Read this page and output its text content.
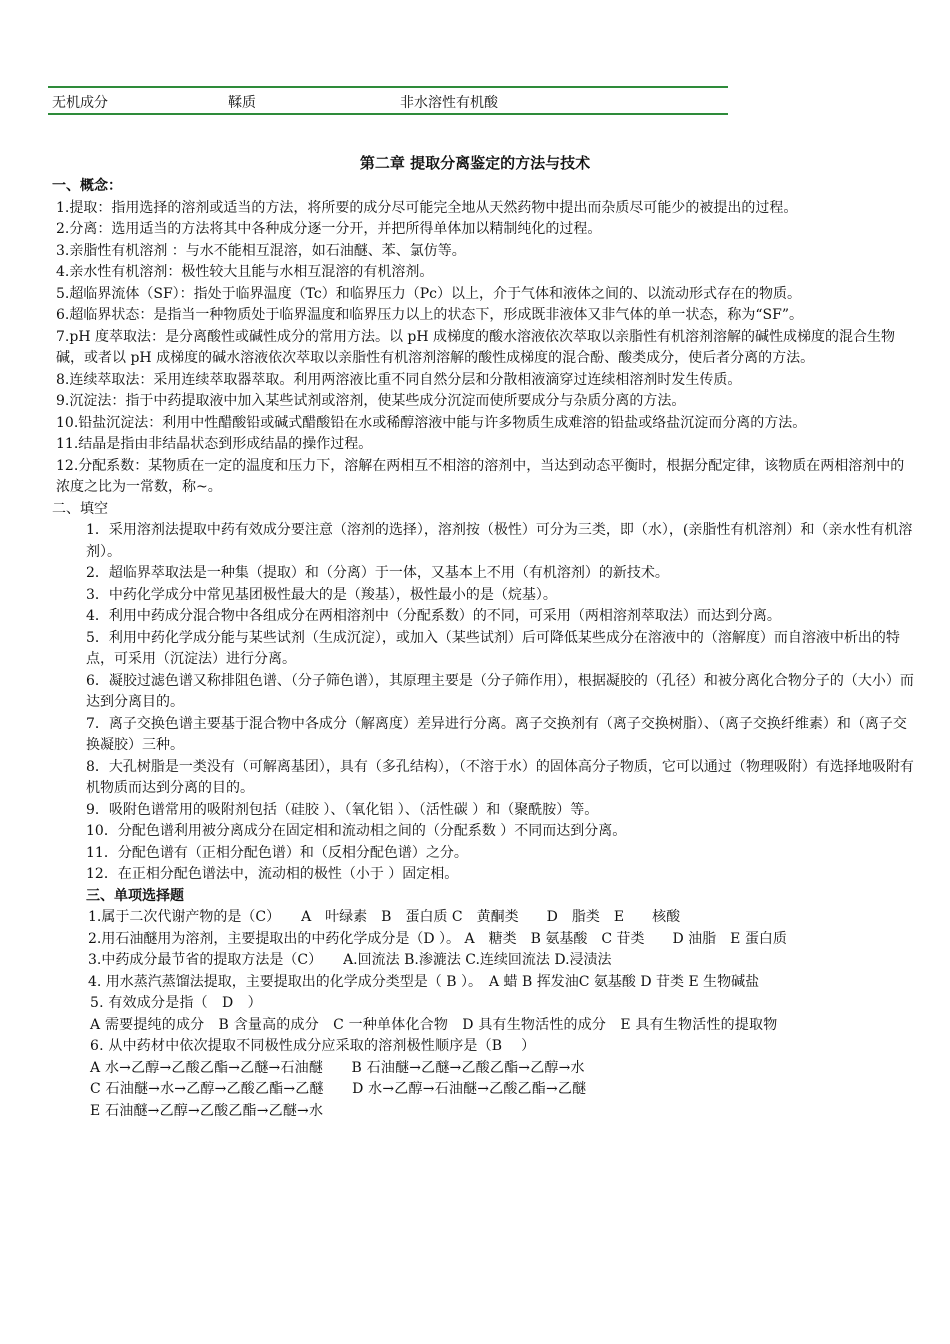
无机成分	鞣质	非水溶性有机酸
第二章 提取分离鉴定的方法与技术

一、概念：

1.提取：指用选择的溶剂或适当的方法，将所要的成分尽可能完全地从天然药物中提出而杂质尽可能少的被提出的过程。

2.分离：选用适当的方法将其中各种成分逐一分开，并把所得单体加以精制纯化的过程。

3.亲脂性有机溶剂 ：与水不能相互混溶，如石油醚、苯、氯仿等。

4.亲水性有机溶剂：极性较大且能与水相互混溶的有机溶剂。

5.超临界流体（SF）：指处于临界温度（Tc）和临界压力（Pc）以上，介于气体和液体之间的、以流动形式存在的物质。

6.超临界状态：是指当一种物质处于临界温度和临界压力以上的状态下，形成既非液体又非气体的单一状态，称为“SF”。

7.pH 度萃取法：是分离酸性或碱性成分的常用方法。以 pH 成梯度的酸水溶液依次萃取以亲脂性有机溶剂溶解的碱性成梯度的混合生物碱，或者以 pH 成梯度的碱水溶液依次萃取以亲脂性有机溶剂溶解的酸性成梯度的混合酚、酸类成分，使后者分离的方法。

8.连续萃取法：采用连续萃取器萃取。利用两溶液比重不同自然分层和分散相液滴穿过连续相溶剂时发生传质。

9.沉淀法：指于中药提取液中加入某些试剂或溶剂，使某些成分沉淀而使所要成分与杂质分离的方法。

10.铅盐沉淀法：利用中性醋酸铅或碱式醋酸铅在水或稀醇溶液中能与许多物质生成难溶的铅盐或络盐沉淀而分离的方法。

11.结晶是指由非结晶状态到形成结晶的操作过程。

12.分配系数：某物质在一定的温度和压力下，溶解在两相互不相溶的溶剂中，当达到动态平衡时，根据分配定律，该物质在两相溶剂中的浓度之比为一常数，称~。

二、填空

1．采用溶剂法提取中药有效成分要注意（溶剂的选择），溶剂按（极性）可分为三类，即（水），(亲脂性有机溶剂）和（亲水性有机溶剂）。

2．超临界萃取法是一种集（提取）和（分离）于一体，又基本上不用（有机溶剂）的新技术。

3．中药化学成分中常见基团极性最大的是（羧基），极性最小的是（烷基）。

4．利用中药成分混合物中各组成分在两相溶剂中（分配系数）的不同，可采用（两相溶剂萃取法）而达到分离。

5．利用中药化学成分能与某些试剂（生成沉淀），或加入（某些试剂）后可降低某些成分在溶液中的（溶解度）而自溶液中析出的特点，可采用（沉淀法）进行分离。

6．凝胶过滤色谱又称排阻色谱、（分子筛色谱），其原理主要是（分子筛作用），根据凝胶的（孔径）和被分离化合物分子的（大小）而达到分离目的。

7．离子交换色谱主要基于混合物中各成分（解离度）差异进行分离。离子交换剂有（离子交换树脂）、（离子交换纤维素）和（离子交换凝胶）三种。

8．大孔树脂是一类没有（可解离基团），具有（多孔结构），（不溶于水）的固体高分子物质，它可以通过（物理吸附）有选择地吸附有机物质而达到分离的目的。

9．吸附色谱常用的吸附剂包括（硅胶 ）、（氧化铝 ）、（活性碳 ）和（聚酰胺）等。

10．分配色谱利用被分离成分在固定相和流动相之间的（分配系数 ）不同而达到分离。

11．分配色谱有（正相分配色谱）和（反相分配色谱）之分。

12．在正相分配色谱法中，流动相的极性（小于 ）固定相。

三、单项选择题

1.属于二次代谢产物的是（C）　　A　叶绿素　B　蛋白质 C　黄酮类　　D　脂类　E　　核酸

2.用石油醚用为溶剂，主要提取出的中药化学成分是（D ）。 A　糖类　B 氨基酸　C 苷类　　D 油脂　E 蛋白质

3.中药成分最节省的提取方法是（C）　　A.回流法 B.渗漉法 C.连续回流法 D.浸渍法

4. 用水蒸汽蒸馏法提取，主要提取出的化学成分类型是（ B ）。　A 蜡 B 挥发油C 氨基酸 D 苷类 E 生物碱盐

5. 有效成分是指（　D　）

A 需要提纯的成分　B 含量高的成分　C 一种单体化合物　D 具有生物活性的成分　E 具有生物活性的提取物

6. 从中药材中依次提取不同极性成分应采取的溶剂极性顺序是（B　 ）

A 水→乙醇→乙酸乙酯→乙醚→石油醚　　B 石油醚→乙醚→乙酸乙酯→乙醇→水

C 石油醚→水→乙醇→乙酸乙酯→乙醚　　D 水→乙醇→石油醚→乙酸乙酯→乙醚

E 石油醚→乙醇→乙酸乙酯→乙醚→水
